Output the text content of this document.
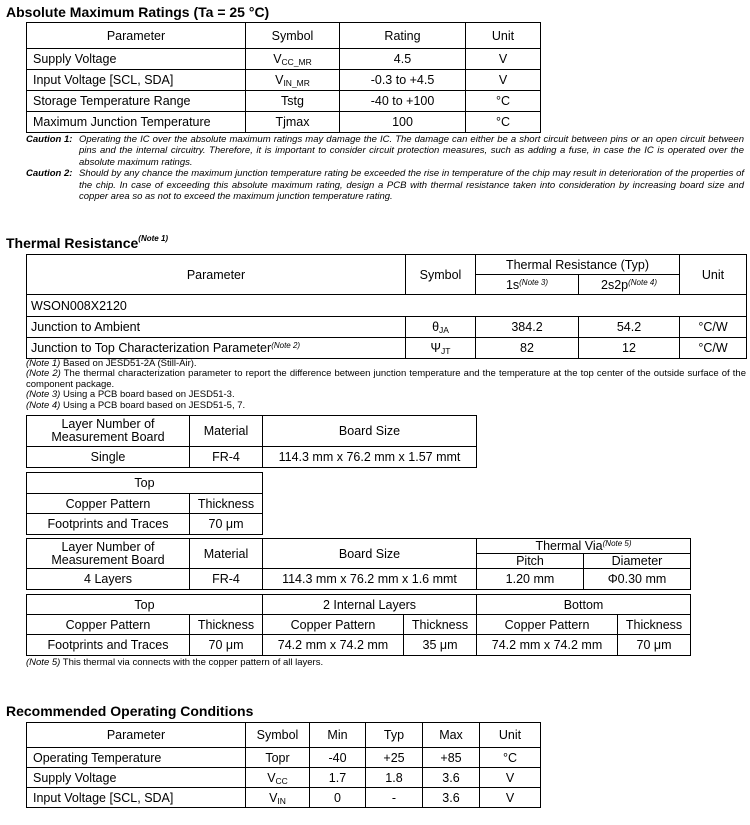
Absolute Maximum Ratings (Ta = 25 °C)
Parameter	Symbol	Rating	Unit
Supply Voltage	$V_{CC\_MR}$	4.5	V
Input Voltage [SCL, SDA]	$V_{IN\_MR}$	-0.3 to +4.5	V
Storage Temperature Range	Tstg	-40 to +100	°C
Maximum Junction Temperature	Tjmax	100	°C
Caution 1: Operating the IC over the absolute maximum ratings may damage the IC. The damage can either be a short circuit between pins or an open circuit between pins and the internal circuitry. Therefore, it is important to consider circuit protection measures, such as adding a fuse, in case the IC is operated over the absolute maximum ratings.
Caution 2: Should by any chance the maximum junction temperature rating be exceeded the rise in temperature of the chip may result in deterioration of the properties of the chip. In case of exceeding this absolute maximum rating, design a PCB with thermal resistance taken into consideration by increasing board size and copper area so as not to exceed the maximum junction temperature rating.
Thermal Resistance$^{(Note 1)}$
Parameter	Symbol	Thermal Resistance (Typ)		Unit
		$1s^{(Note 3)}$	$2s2p^{(Note 4)}$
WSON008X2120				
Junction to Ambient	$\theta_{JA}$	384.2	54.2	°C/W
Junction to Top Characterization Parameter$^{(Note 2)}$	$\Psi_{JT}$	82	12	°C/W
(Note 1) Based on JESD51-2A (Still-Air).
(Note 2) The thermal characterization parameter to report the difference between junction temperature and the temperature at the top center of the outside surface of the component package.
(Note 3) Using a PCB board based on JESD51-3.
(Note 4) Using a PCB board based on JESD51-5, 7.
Layer Number of Measurement Board	Material	Board Size
Single	FR-4	114.3 mm x 76.2 mm x 1.57 mmt
Top	
Copper Pattern	Thickness
Footprints and Traces	70 μm
Layer Number of Measurement Board	Material	Board Size	Thermal Via$^{(Note 5)}$
			Pitch	Diameter
4 Layers	FR-4	114.3 mm x 76.2 mm x 1.6 mmt	1.20 mm	Φ0.30 mm
Top		2 Internal Layers		Bottom	
Copper Pattern	Thickness	Copper Pattern	Thickness	Copper Pattern	Thickness
Footprints and Traces	70 μm	74.2 mm x 74.2 mm	35 μm	74.2 mm x 74.2 mm	70 μm
(Note 5) This thermal via connects with the copper pattern of all layers.
Recommended Operating Conditions
Parameter	Symbol	Min	Typ	Max	Unit
Operating Temperature	Topr	-40	+25	+85	°C
Supply Voltage	$V_{CC}$	1.7	1.8	3.6	V
Input Voltage [SCL, SDA]	$V_{IN}$	0	-	3.6	V
